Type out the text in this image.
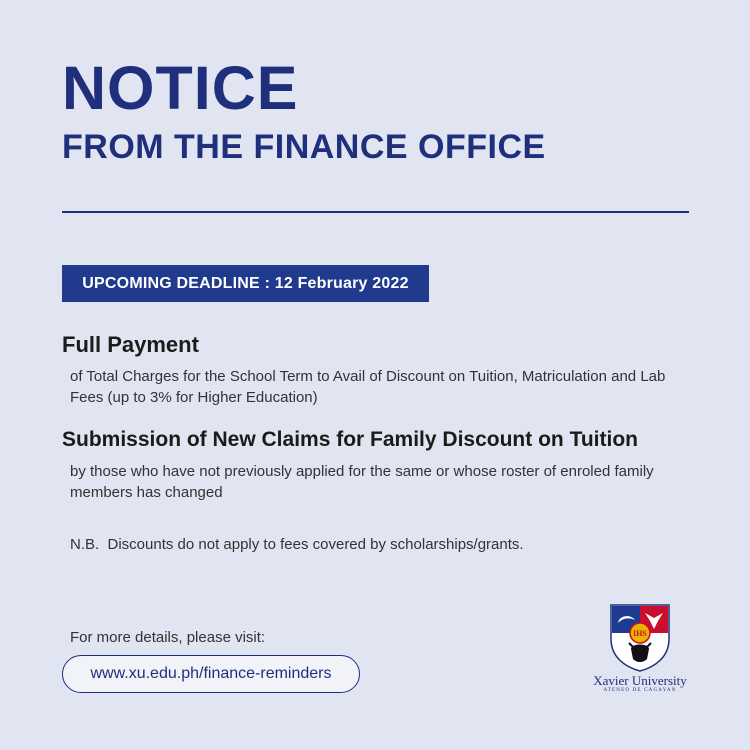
NOTICE
FROM THE FINANCE OFFICE
UPCOMING DEADLINE : 12 February 2022
Full Payment
of Total Charges for the School Term to Avail of Discount on Tuition, Matriculation and Lab Fees (up to 3% for Higher Education)
Submission of New Claims for Family Discount on Tuition
by those who have not previously applied for the same or whose roster of enroled family members has changed
N.B.  Discounts do not apply to fees covered by scholarships/grants.
For more details, please visit:
www.xu.edu.ph/finance-reminders
IHS
Xavier University
ATENEO DE CAGAYAN
